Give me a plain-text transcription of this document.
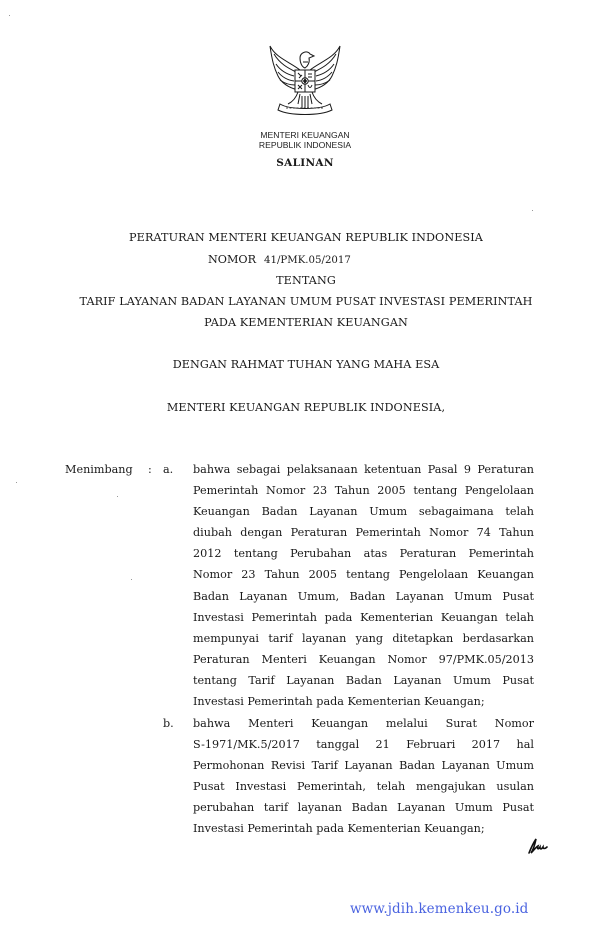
MENTERI KEUANGAN
REPUBLIK INDONESIA
SALINAN
PERATURAN MENTERI KEUANGAN REPUBLIK INDONESIA
NOMOR 41/PMK.05/2017
TENTANG
TARIF LAYANAN BADAN LAYANAN UMUM PUSAT INVESTASI PEMERINTAH
PADA KEMENTERIAN KEUANGAN
DENGAN RAHMAT TUHAN YANG MAHA ESA
MENTERI KEUANGAN REPUBLIK INDONESIA,
Menimbang : a. bahwa sebagai pelaksanaan ketentuan Pasal 9 Peraturan
Pemerintah Nomor 23 Tahun 2005 tentang Pengelolaan
Keuangan Badan Layanan Umum sebagaimana telah
diubah dengan Peraturan Pemerintah Nomor 74 Tahun
2012 tentang Perubahan atas Peraturan Pemerintah
Nomor 23 Tahun 2005 tentang Pengelolaan Keuangan
Badan Layanan Umum, Badan Layanan Umum Pusat
Investasi Pemerintah pada Kementerian Keuangan telah
mempunyai tarif layanan yang ditetapkan berdasarkan
Peraturan Menteri Keuangan Nomor 97/PMK.05/2013
tentang Tarif Layanan Badan Layanan Umum Pusat
Investasi Pemerintah pada Kementerian Keuangan;
b. bahwa Menteri Keuangan melalui Surat Nomor
S-1971/MK.5/2017 tanggal 21 Februari 2017 hal
Permohonan Revisi Tarif Layanan Badan Layanan Umum
Pusat Investasi Pemerintah, telah mengajukan usulan
perubahan tarif layanan Badan Layanan Umum Pusat
Investasi Pemerintah pada Kementerian Keuangan;
www.jdih.kemenkeu.go.id
